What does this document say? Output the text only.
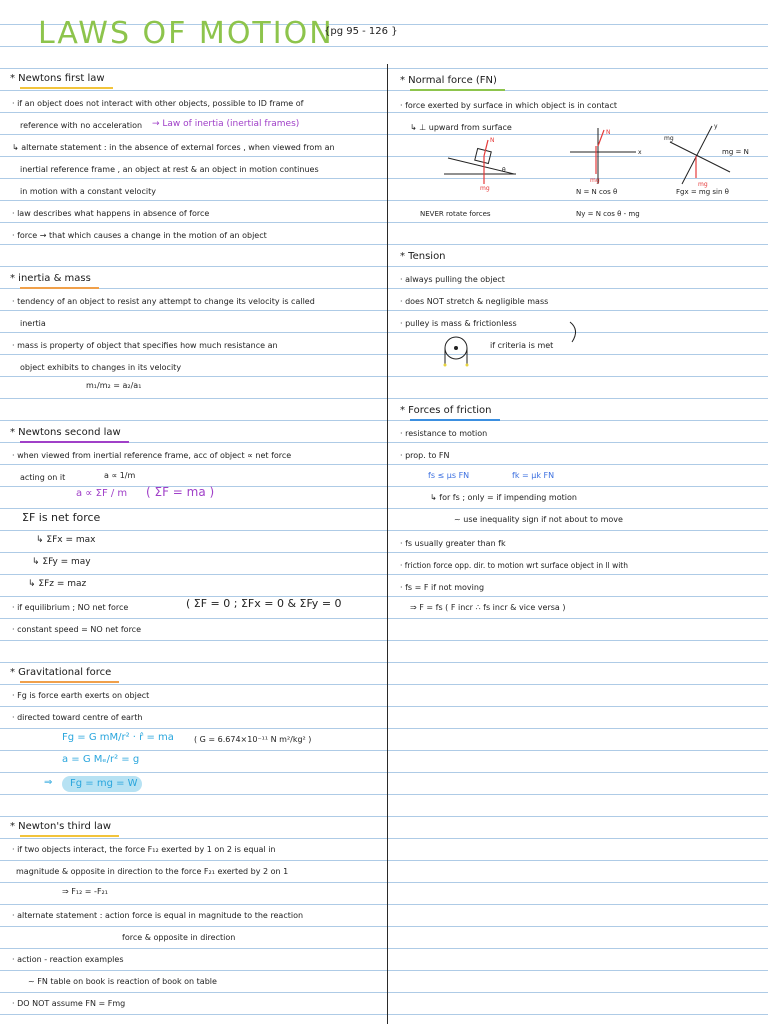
LAWS OF MOTION
{pg 95 - 126 }
* Newtons first law
· if an object does not interact with other objects, possible to ID frame of
reference with no acceleration → Law of inertia (inertial frames)
↳ alternate statement : in the absence of external forces , when viewed from an
inertial reference frame , an object at rest & an object in motion continues
in motion with a constant velocity
· law describes what happens in absence of force
· force → that which causes a change in the motion of an object
* inertia & mass
· tendency of an object to resist any attempt to change its velocity is called
inertia
· mass is property of object that specifies how much resistance an
object exhibits to changes in its velocity
m₁/m₂ = a₂/a₁
* Newtons second law
· when viewed from inertial reference frame, acc of object ∝ net force
acting on it	a ∝ 1/m
a ∝ ΣF / m ( ΣF = ma )
ΣF is net force
↳ ΣFx = max
↳ ΣFy = may
↳ ΣFz = maz
· if equilibrium ; NO net force	( ΣF = 0 ; ΣFx = 0 & ΣFy = 0
· constant speed = NO net force
* Gravitational force
· Fg is force earth exerts on object
· directed toward centre of earth
Fg = G mM/r² · r̂ = ma	( G = 6.674×10⁻¹¹ N m²/kg² )
a = G Mₑ/r² = g
⇒ Fg = mg = W
* Newton's third law
· if two objects interact, the force F₁₂ exerted by 1 on 2 is equal in
magnitude & opposite in direction to the force F₂₁ exerted by 2 on 1
⇒ F₁₂ = -F₂₁
· alternate statement : action force is equal in magnitude to the reaction
force & opposite in direction
· action - reaction examples
~ FN table on book is reaction of book on table
· DO NOT assume FN = Fmg
* Normal force (FN)
· force exerted by surface in which object is in contact
↳ ⊥ upward from surface
N
mg
θ
N
mg
x
y
mg
mg
mg = N
N = N cos θ	Fgx = mg sin θ
NEVER rotate forces	Ny = N cos θ - mg
* Tension
· always pulling the object
· does NOT stretch & negligible mass
· pulley is mass & frictionless
if criteria is met
* Forces of friction
· resistance to motion
· prop. to FN
fs ≤ μs FN	fk = μk FN
↳ for fs ; only = if impending motion
~ use inequality sign if not about to move
· fs usually greater than fk
· friction force opp. dir. to motion wrt surface object in ll with
· fs = F if not moving
⇒ F = fs ( F incr ∴ fs incr & vice versa )
